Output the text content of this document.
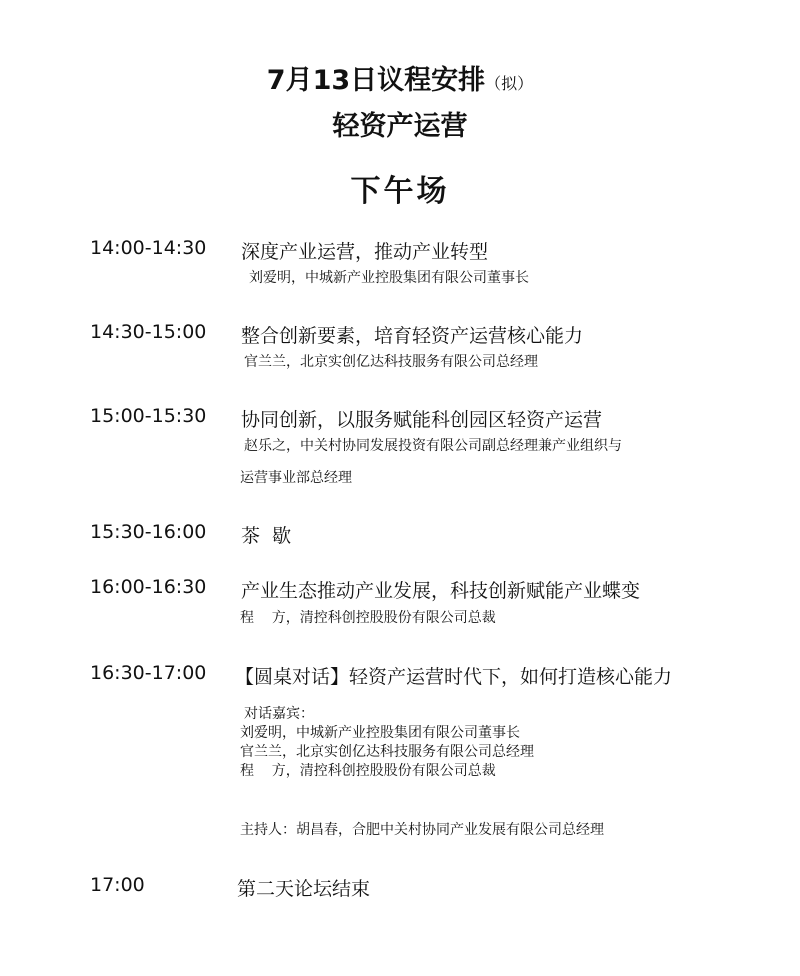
7月13日议程安排（拟）
轻资产运营
下午场
14:00-14:30 深度产业运营，推动产业转型
刘爱明，中城新产业控股集团有限公司董事长
14:30-15:00 整合创新要素，培育轻资产运营核心能力
官兰兰，北京实创亿达科技服务有限公司总经理
15:00-15:30 协同创新，以服务赋能科创园区轻资产运营
赵乐之，中关村协同发展投资有限公司副总经理兼产业组织与
运营事业部总经理
15:30-16:00 茶  歇
16:00-16:30 产业生态推动产业发展，科技创新赋能产业蝶变
程    方，清控科创控股股份有限公司总裁
16:30-17:00 【圆桌对话】轻资产运营时代下，如何打造核心能力
对话嘉宾：
刘爱明，中城新产业控股集团有限公司董事长
官兰兰，北京实创亿达科技服务有限公司总经理
程    方，清控科创控股股份有限公司总裁
主持人：胡昌春，合肥中关村协同产业发展有限公司总经理
17:00	第二天论坛结束
